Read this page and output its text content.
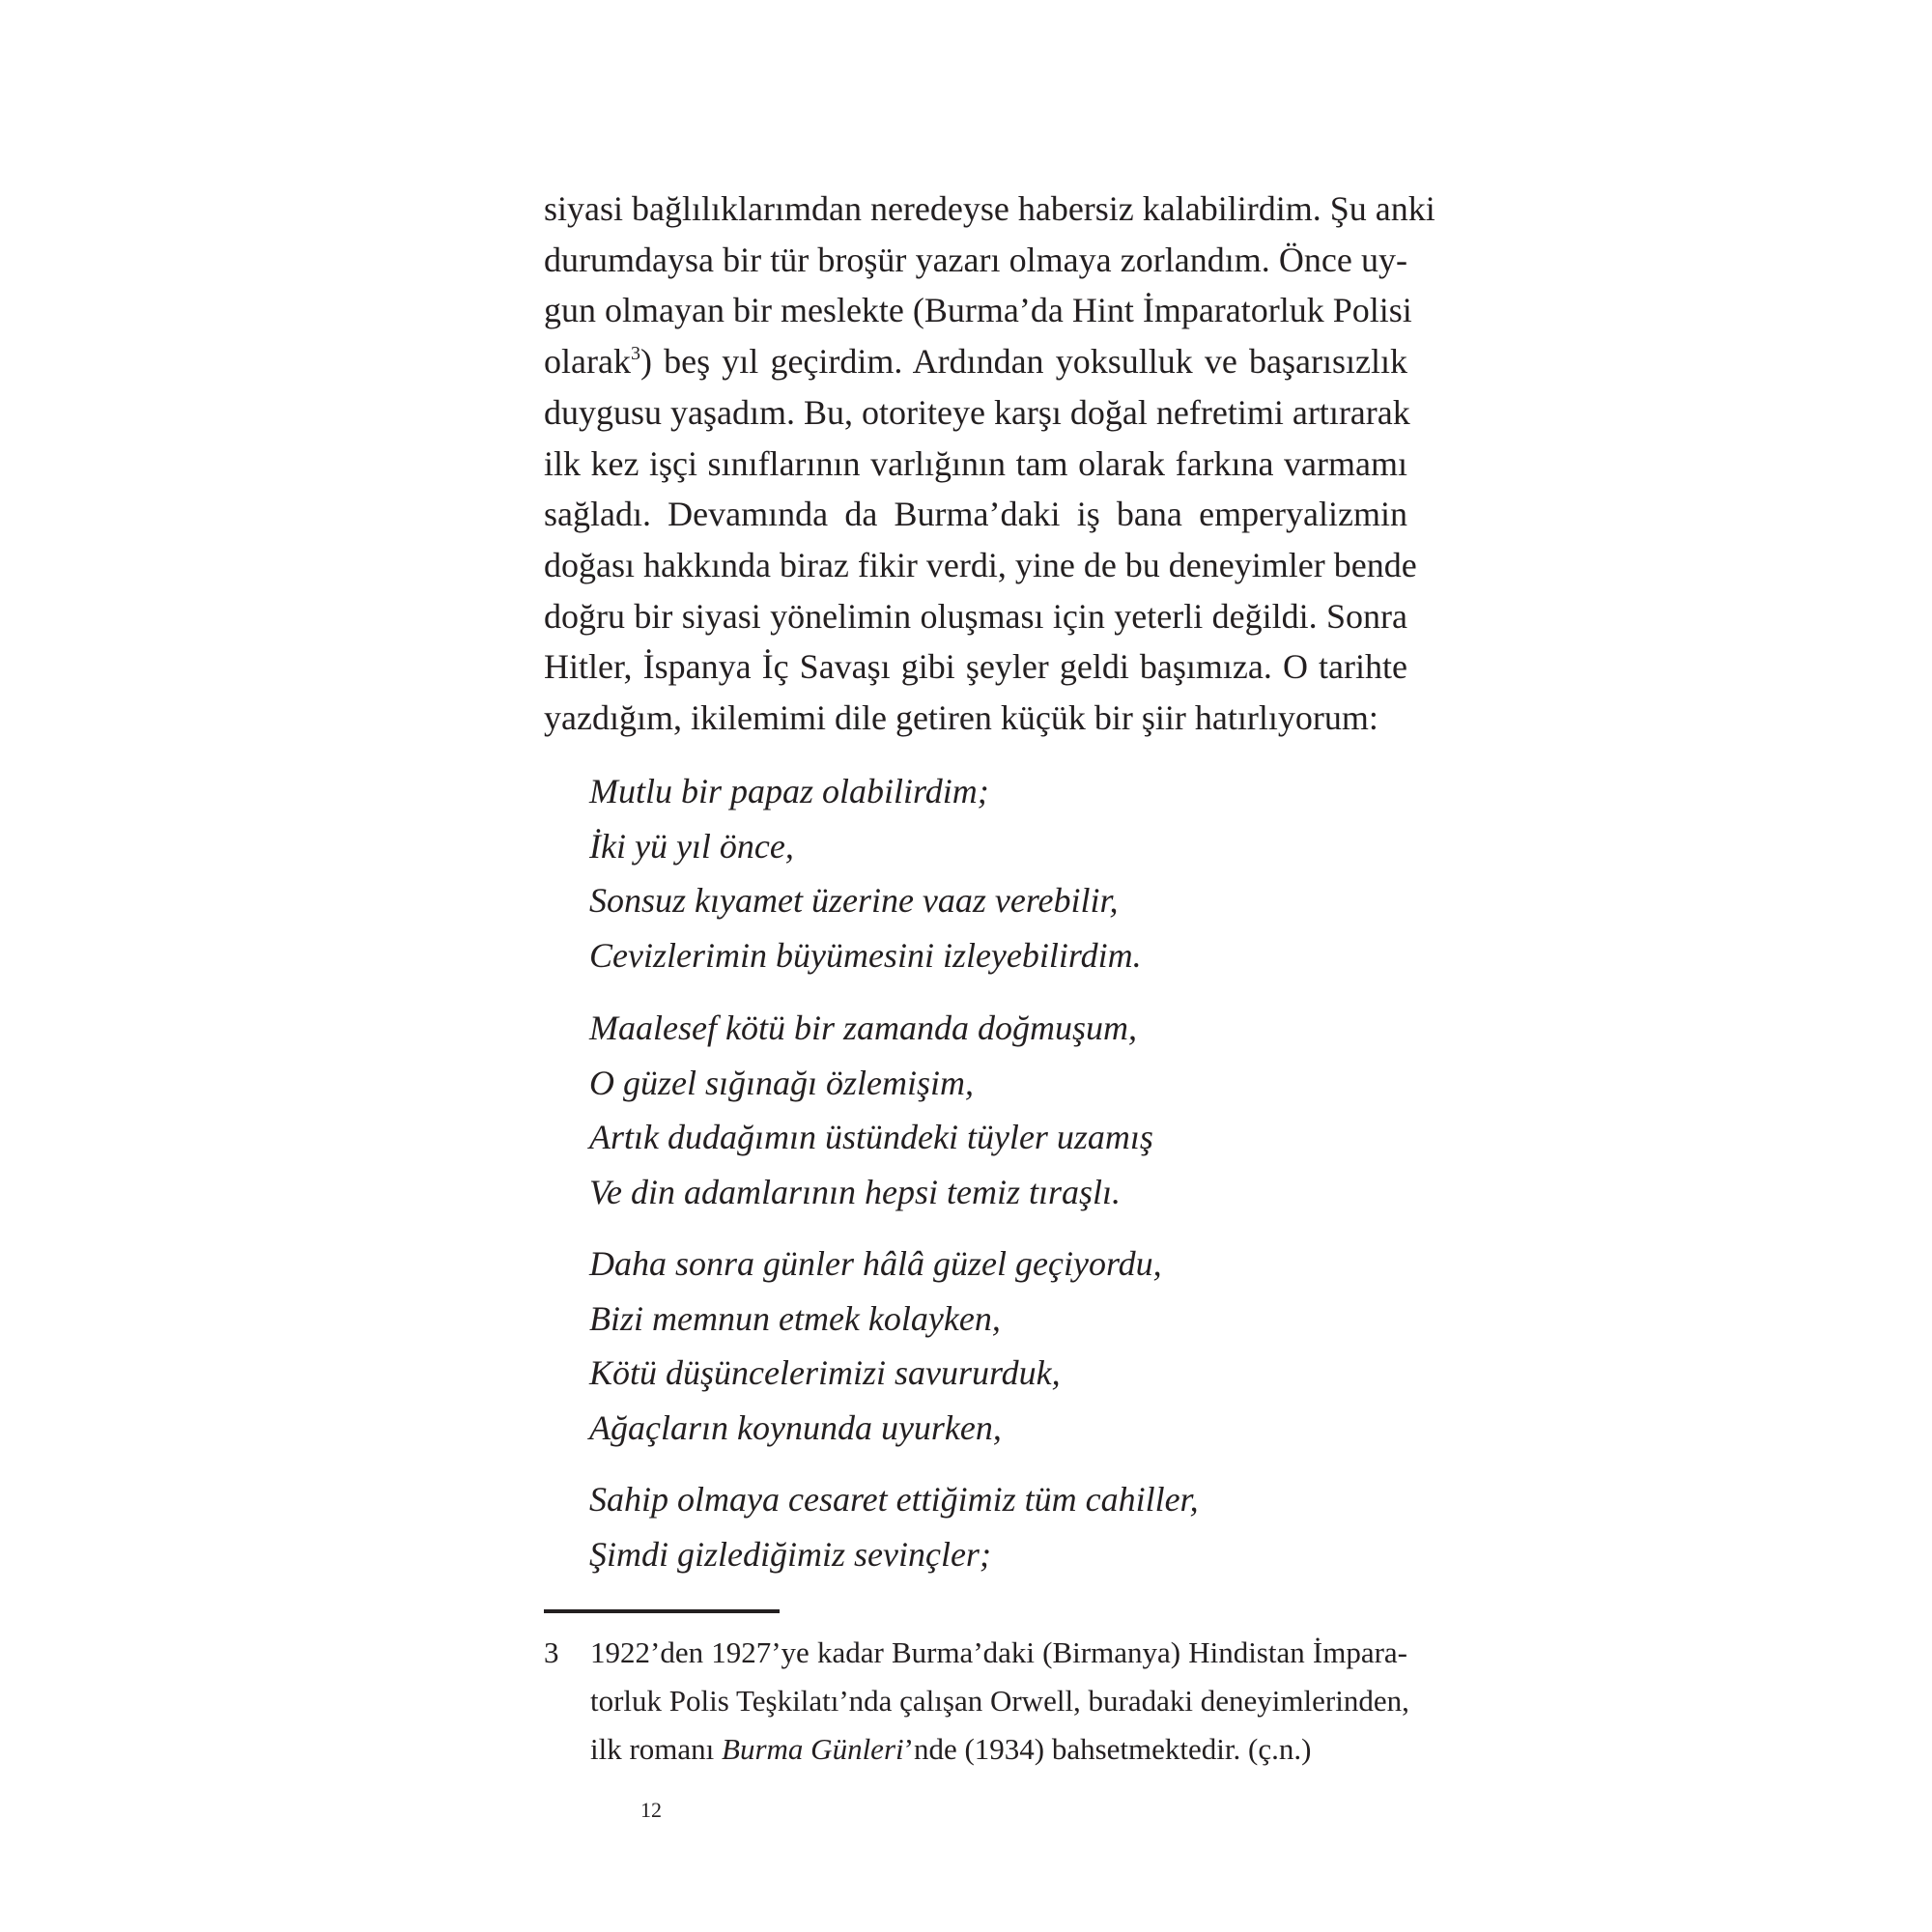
siyasi bağlılıklarımdan neredeyse habersiz kalabilirdim. Şu anki
durumdaysa bir tür broşür yazarı olmaya zorlandım. Önce uy-
gun olmayan bir meslekte (Burma’da Hint İmparatorluk Polisi
olarak$^3$) beş yıl geçirdim. Ardından yoksulluk ve başarısızlık
duygusu yaşadım. Bu, otoriteye karşı doğal nefretimi artırarak
ilk kez işçi sınıflarının varlığının tam olarak farkına varmamı
sağladı. Devamında da Burma’daki iş bana emperyalizmin
doğası hakkında biraz fikir verdi, yine de bu deneyimler bende
doğru bir siyasi yönelimin oluşması için yeterli değildi. Sonra
Hitler, İspanya İç Savaşı gibi şeyler geldi başımıza. O tarihte
yazdığım, ikilemimi dile getiren küçük bir şiir hatırlıyorum:
Mutlu bir papaz olabilirdim;
İki yü yıl önce,
Sonsuz kıyamet üzerine vaaz verebilir,
Cevizlerimin büyümesini izleyebilirdim.
Maalesef kötü bir zamanda doğmuşum,
O güzel sığınağı özlemişim,
Artık dudağımın üstündeki tüyler uzamış
Ve din adamlarının hepsi temiz tıraşlı.
Daha sonra günler hâlâ güzel geçiyordu,
Bizi memnun etmek kolayken,
Kötü düşüncelerimizi savururduk,
Ağaçların koynunda uyurken,
Sahip olmaya cesaret ettiğimiz tüm cahiller,
Şimdi gizlediğimiz sevinçler;
3 1922’den 1927’ye kadar Burma’daki (Birmanya) Hindistan İmpara-
torluk Polis Teşkilatı’nda çalışan Orwell, buradaki deneyimlerinden,
ilk romanı Burma Günleri’nde (1934) bahsetmektedir. (ç.n.)
12
